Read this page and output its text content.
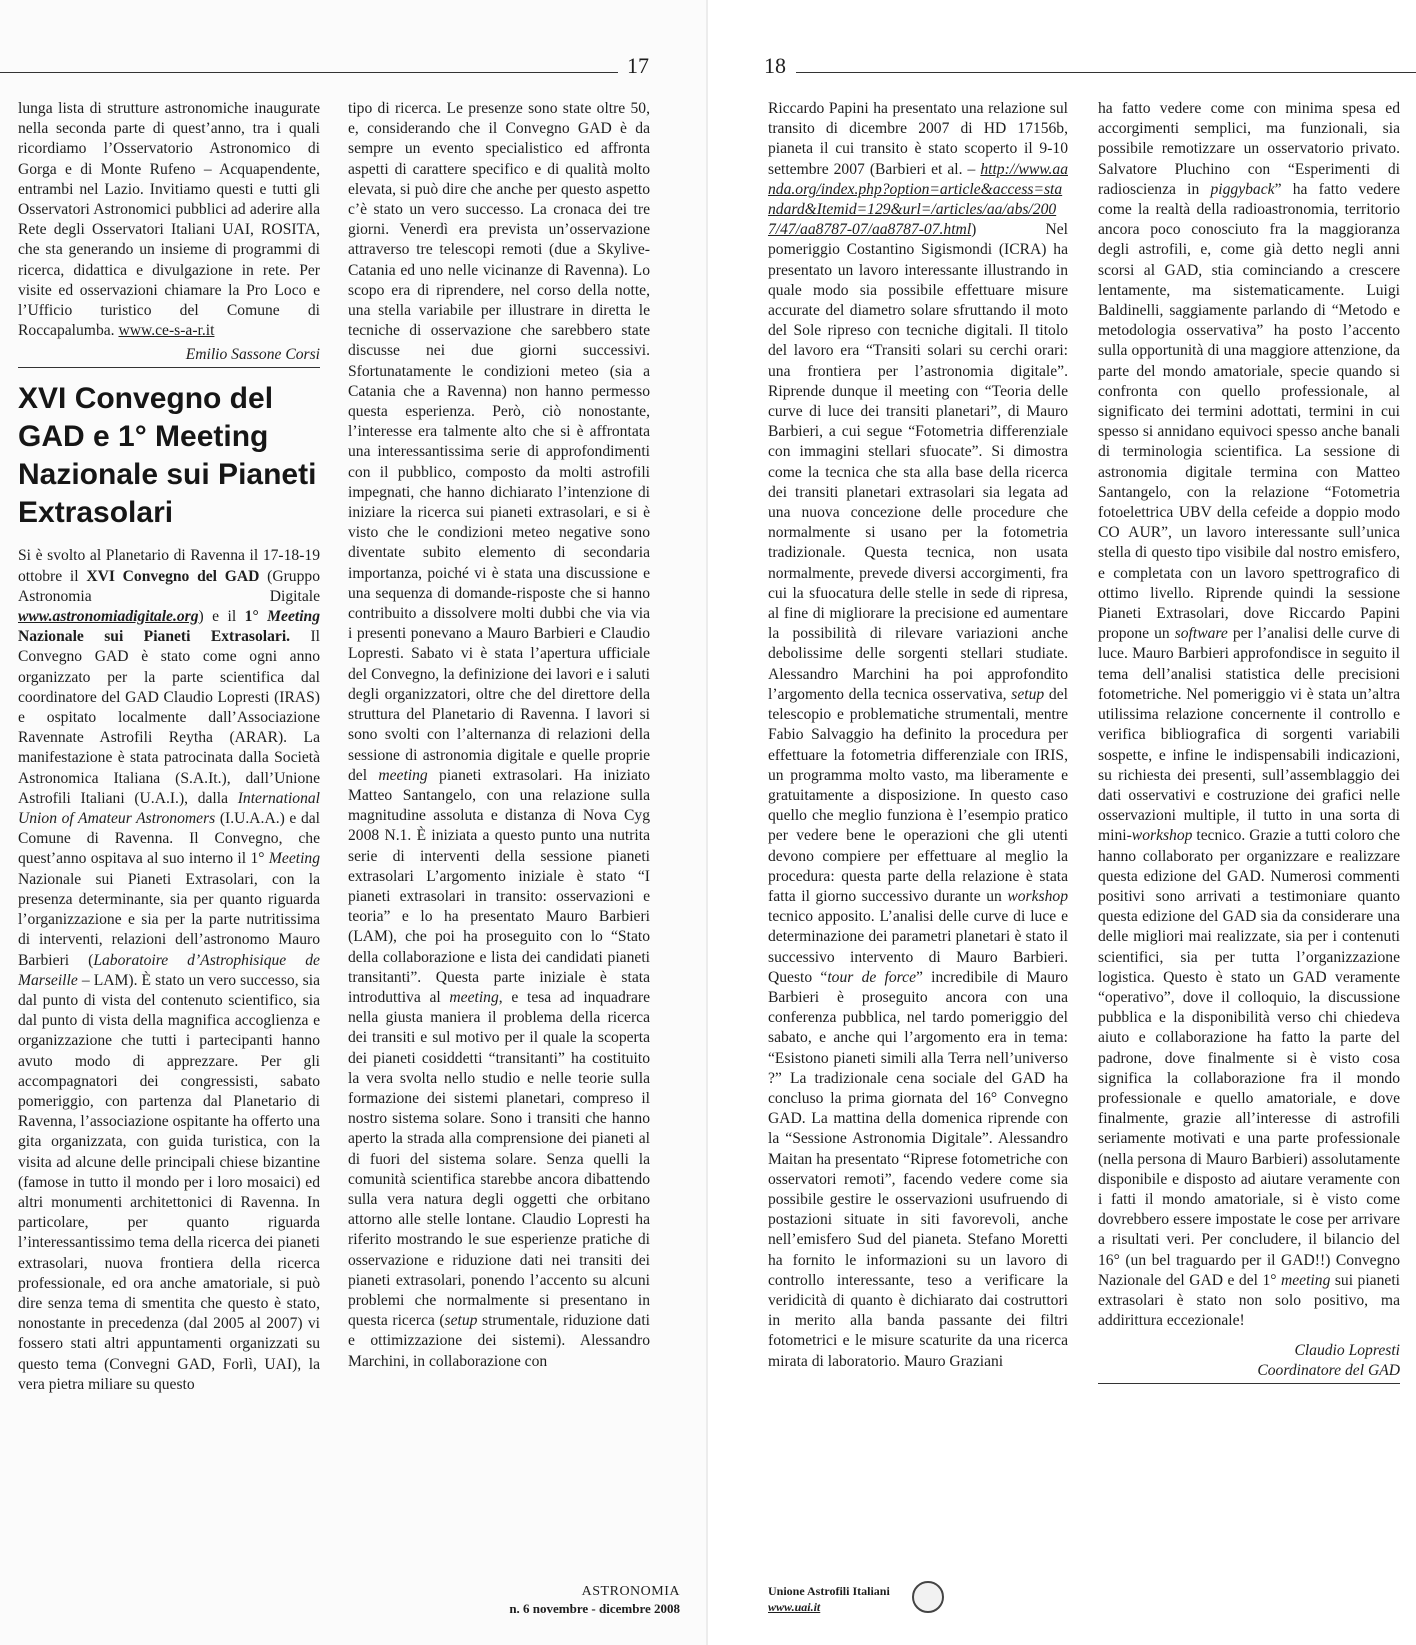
17

lunga lista di strutture astronomiche inaugurate nella seconda parte di quest’anno, tra i quali ricordiamo l’Osservatorio Astronomico di Gorga e di Monte Rufeno – Acquapendente, entrambi nel Lazio. Invitiamo questi e tutti gli Osservatori Astronomici pubblici ad aderire alla Rete degli Osservatori Italiani UAI, ROSITA, che sta generando un insieme di programmi di ricerca, didattica e divulgazione in rete. Per visite ed osservazioni chiamare la Pro Loco e l’Ufficio turistico del Comune di Roccapalumba. www.ce-s-a-r.it

Emilio Sassone Corsi
XVI Convegno del GAD e 1° Meeting Nazionale sui Pianeti Extrasolari

Si è svolto al Planetario di Ravenna il 17-18-19 ottobre il XVI Convegno del GAD (Gruppo Astronomia Digitale www.astronomiadigitale.org) e il 1° Meeting Nazionale sui Pianeti Extrasolari. Il Convegno GAD è stato come ogni anno organizzato per la parte scientifica dal coordinatore del GAD Claudio Lopresti (IRAS) e ospitato localmente dall’Associazione Ravennate Astrofili Reytha (ARAR). La manifestazione è stata patrocinata dalla Società Astronomica Italiana (S.A.It.), dall’Unione Astrofili Italiani (U.A.I.), dalla International Union of Amateur Astronomers (I.U.A.A.) e dal Comune di Ravenna. Il Convegno, che quest’anno ospitava al suo interno il 1° Meeting Nazionale sui Pianeti Extrasolari, con la presenza determinante, sia per quanto riguarda l’organizzazione e sia per la parte nutritissima di interventi, relazioni dell’astronomo Mauro Barbieri (Laboratoire d’Astrophisique de Marseille – LAM). È stato un vero successo, sia dal punto di vista del contenuto scientifico, sia dal punto di vista della magnifica accoglienza e organizzazione che tutti i partecipanti hanno avuto modo di apprezzare. Per gli accompagnatori dei congressisti, sabato pomeriggio, con partenza dal Planetario di Ravenna, l’associazione ospitante ha offerto una gita organizzata, con guida turistica, con la visita ad alcune delle principali chiese bizantine (famose in tutto il mondo per i loro mosaici) ed altri monumenti architettonici di Ravenna. In particolare, per quanto riguarda l’interessantissimo tema della ricerca dei pianeti extrasolari, nuova frontiera della ricerca professionale, ed ora anche amatoriale, si può dire senza tema di smentita che questo è stato, nonostante in precedenza (dal 2005 al 2007) vi fossero stati altri appuntamenti organizzati su questo tema (Convegni GAD, Forlì, UAI), la vera pietra miliare su questo

tipo di ricerca. Le presenze sono state oltre 50, e, considerando che il Convegno GAD è da sempre un evento specialistico ed affronta aspetti di carattere specifico e di qualità molto elevata, si può dire che anche per questo aspetto c’è stato un vero successo. La cronaca dei tre giorni. Venerdì era prevista un’osservazione attraverso tre telescopi remoti (due a Skylive-Catania ed uno nelle vicinanze di Ravenna). Lo scopo era di riprendere, nel corso della notte, una stella variabile per illustrare in diretta le tecniche di osservazione che sarebbero state discusse nei due giorni successivi. Sfortunatamente le condizioni meteo (sia a Catania che a Ravenna) non hanno permesso questa esperienza. Però, ciò nonostante, l’interesse era talmente alto che si è affrontata una interessantissima serie di approfondimenti con il pubblico, composto da molti astrofili impegnati, che hanno dichiarato l’intenzione di iniziare la ricerca sui pianeti extrasolari, e si è visto che le condizioni meteo negative sono diventate subito elemento di secondaria importanza, poiché vi è stata una discussione e una sequenza di domande-risposte che si hanno contribuito a dissolvere molti dubbi che via via i presenti ponevano a Mauro Barbieri e Claudio Lopresti. Sabato vi è stata l’apertura ufficiale del Convegno, la definizione dei lavori e i saluti degli organizzatori, oltre che del direttore della struttura del Planetario di Ravenna. I lavori si sono svolti con l’alternanza di relazioni della sessione di astronomia digitale e quelle proprie del meeting pianeti extrasolari. Ha iniziato Matteo Santangelo, con una relazione sulla magnitudine assoluta e distanza di Nova Cyg 2008 N.1. È iniziata a questo punto una nutrita serie di interventi della sessione pianeti extrasolari L’argomento iniziale è stato “I pianeti extrasolari in transito: osservazioni e teoria” e lo ha presentato Mauro Barbieri (LAM), che poi ha proseguito con lo “Stato della collaborazione e lista dei candidati pianeti transitanti”. Questa parte iniziale è stata introduttiva al meeting, e tesa ad inquadrare nella giusta maniera il problema della ricerca dei transiti e sul motivo per il quale la scoperta dei pianeti cosiddetti “transitanti” ha costituito la vera svolta nello studio e nelle teorie sulla formazione dei sistemi planetari, compreso il nostro sistema solare. Sono i transiti che hanno aperto la strada alla comprensione dei pianeti al di fuori del sistema solare. Senza quelli la comunità scientifica starebbe ancora dibattendo sulla vera natura degli oggetti che orbitano attorno alle stelle lontane. Claudio Lopresti ha riferito mostrando le sue esperienze pratiche di osservazione e riduzione dati nei transiti dei pianeti extrasolari, ponendo l’accento su alcuni problemi che normalmente si presentano in questa ricerca (setup strumentale, riduzione dati e ottimizzazione dei sistemi). Alessandro Marchini, in collaborazione con

ASTRONOMIA
n. 6 novembre - dicembre 2008
18

Riccardo Papini ha presentato una relazione sul transito di dicembre 2007 di HD 17156b, pianeta il cui transito è stato scoperto il 9-10 settembre 2007 (Barbieri et al. – http://www.aanda.org/index.php?option=article&access=standard&Itemid=129&url=/articles/aa/abs/2007/47/aa8787-07/aa8787-07.html) Nel pomeriggio Costantino Sigismondi (ICRA) ha presentato un lavoro interessante illustrando in quale modo sia possibile effettuare misure accurate del diametro solare sfruttando il moto del Sole ripreso con tecniche digitali. Il titolo del lavoro era “Transiti solari su cerchi orari: una frontiera per l’astronomia digitale”. Riprende dunque il meeting con “Teoria delle curve di luce dei transiti planetari”, di Mauro Barbieri, a cui segue “Fotometria differenziale con immagini stellari sfuocate”. Si dimostra come la tecnica che sta alla base della ricerca dei transiti planetari extrasolari sia legata ad una nuova concezione delle procedure che normalmente si usano per la fotometria tradizionale. Questa tecnica, non usata normalmente, prevede diversi accorgimenti, fra cui la sfuocatura delle stelle in sede di ripresa, al fine di migliorare la precisione ed aumentare la possibilità di rilevare variazioni anche debolissime delle sorgenti stellari studiate. Alessandro Marchini ha poi approfondito l’argomento della tecnica osservativa, setup del telescopio e problematiche strumentali, mentre Fabio Salvaggio ha definito la procedura per effettuare la fotometria differenziale con IRIS, un programma molto vasto, ma liberamente e gratuitamente a disposizione. In questo caso quello che meglio funziona è l’esempio pratico per vedere bene le operazioni che gli utenti devono compiere per effettuare al meglio la procedura: questa parte della relazione è stata fatta il giorno successivo durante un workshop tecnico apposito. L’analisi delle curve di luce e determinazione dei parametri planetari è stato il successivo intervento di Mauro Barbieri. Questo “tour de force” incredibile di Mauro Barbieri è proseguito ancora con una conferenza pubblica, nel tardo pomeriggio del sabato, e anche qui l’argomento era in tema: “Esistono pianeti simili alla Terra nell’universo ?” La tradizionale cena sociale del GAD ha concluso la prima giornata del 16° Convegno GAD. La mattina della domenica riprende con la “Sessione Astronomia Digitale”. Alessandro Maitan ha presentato “Riprese fotometriche con osservatori remoti”, facendo vedere come sia possibile gestire le osservazioni usufruendo di postazioni situate in siti favorevoli, anche nell’emisfero Sud del pianeta. Stefano Moretti ha fornito le informazioni su un lavoro di controllo interessante, teso a verificare la veridicità di quanto è dichiarato dai costruttori in merito alla banda passante dei filtri fotometrici e le misure scaturite da una ricerca mirata di laboratorio. Mauro Graziani

ha fatto vedere come con minima spesa ed accorgimenti semplici, ma funzionali, sia possibile remotizzare un osservatorio privato. Salvatore Pluchino con “Esperimenti di radioscienza in piggyback” ha fatto vedere come la realtà della radioastronomia, territorio ancora poco conosciuto fra la maggioranza degli astrofili, e, come già detto negli anni scorsi al GAD, stia cominciando a crescere lentamente, ma sistematicamente. Luigi Baldinelli, saggiamente parlando di “Metodo e metodologia osservativa” ha posto l’accento sulla opportunità di una maggiore attenzione, da parte del mondo amatoriale, specie quando si confronta con quello professionale, al significato dei termini adottati, termini in cui spesso si annidano equivoci spesso anche banali di terminologia scientifica. La sessione di astronomia digitale termina con Matteo Santangelo, con la relazione “Fotometria fotoelettrica UBV della cefeide a doppio modo CO AUR”, un lavoro interessante sull’unica stella di questo tipo visibile dal nostro emisfero, e completata con un lavoro spettrografico di ottimo livello. Riprende quindi la sessione Pianeti Extrasolari, dove Riccardo Papini propone un software per l’analisi delle curve di luce. Mauro Barbieri approfondisce in seguito il tema dell’analisi statistica delle precisioni fotometriche. Nel pomeriggio vi è stata un’altra utilissima relazione concernente il controllo e verifica bibliografica di sorgenti variabili sospette, e infine le indispensabili indicazioni, su richiesta dei presenti, sull’assemblaggio dei dati osservativi e costruzione dei grafici nelle osservazioni multiple, il tutto in una sorta di mini-workshop tecnico. Grazie a tutti coloro che hanno collaborato per organizzare e realizzare questa edizione del GAD. Numerosi commenti positivi sono arrivati a testimoniare quanto questa edizione del GAD sia da considerare una delle migliori mai realizzate, sia per i contenuti scientifici, sia per tutta l’organizzazione logistica. Questo è stato un GAD veramente “operativo”, dove il colloquio, la discussione pubblica e la disponibilità verso chi chiedeva aiuto e collaborazione ha fatto la parte del padrone, dove finalmente si è visto cosa significa la collaborazione fra il mondo professionale e quello amatoriale, e dove finalmente, grazie all’interesse di astrofili seriamente motivati e una parte professionale (nella persona di Mauro Barbieri) assolutamente disponibile e disposto ad aiutare veramente con i fatti il mondo amatoriale, si è visto come dovrebbero essere impostate le cose per arrivare a risultati veri. Per concludere, il bilancio del 16° (un bel traguardo per il GAD!!) Convegno Nazionale del GAD e del 1° meeting sui pianeti extrasolari è stato non solo positivo, ma addirittura eccezionale!

Claudio Lopresti
Coordinatore del GAD
Unione Astrofili Italiani
www.uai.it
